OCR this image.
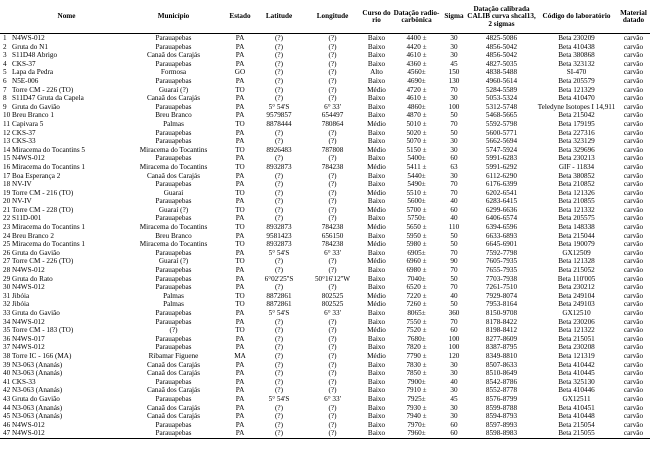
	Nome	Município	Estado	Latitude	Longitude	Curso do rio	Datação radio-carbônica	Sigma	Datação calibrada CALIB curva shcal13, 2 sigmas	Código do laboratório	Material datado
1	N4WS-012	Parauapebas	PA	(?)	(?)	Baixo	4400 ±	30	4825-5086	Beta 230209	carvão
2	Gruta do N1	Parauapebas	PA	(?)	(?)	Baixo	4420 ±	30	4856-5042	Beta 410438	carvão
3	S11D48 Abrigo	Canaã dos Carajás	PA	(?)	(?)	Baixo	4610 ±	30	4856-5042	Beta 380868	carvão
4	CKS-37	Parauapebas	PA	(?)	(?)	Baixo	4360 ±	45	4827-5035	Beta 323132	carvão
5	Lapa da Pedra	Formosa	GO	(?)	(?)	Alto	4560±	150	4838-5488	SI-470	carvão
6	N5E-006	Parauapebas	PA	(?)	(?)	Baixo	4690±	130	4960-5614	Beta 205579	carvão
7	Torre CM - 226 (TO)	Guaraí (?)	TO	(?)	(?)	Médio	4720 ±	70	5284-5589	Beta 121329	carvão
8	S11D47 Gruta da Capela	Canaã dos Carajás	PA	(?)	(?)	Baixo	4610 ±	30	5053-5324	Beta 410470	carvão
9	Gruta do Gavião	Parauapebas	PA	5° 54'S	6° 33'	Baixo	4860±	100	5312-5748	Teledyne Isotopes I 14,911	carvão
10	Breu Branco 1	Breu Branco	PA	9579857	654497	Baixo	4870 ±	50	5468-5665	Beta 215042	carvão
11	Capivara 5	Palmas	TO	8878444	780864	Médio	5010 ±	70	5592-5798	Beta 179195	carvão
12	CKS-37	Parauapebas	PA	(?)	(?)	Baixo	5020 ±	50	5600-5771	Beta 227316	carvão
13	CKS-33	Parauapebas	PA	(?)	(?)	Baixo	5070 ±	30	5662-5694	Beta 323129	carvão
14	Miracema do Tocantins 5	Miracema do Tocantins	TO	8926483	787808	Médio	5150 ±	30	5747-5924	Beta 329696	carvão
15	N4WS-012	Parauapebas	PA	(?)	(?)	Baixo	5400±	60	5991-6283	Beta 230213	carvão
16	Miracema do Tocantins 1	Miracema do Tocantins	TO	8932873	784238	Médio	5411 ±	63	5991-6292	GIF - 11834	carvão
17	Boa Esperança 2	Canaã dos Carajás	PA	(?)	(?)	Baixo	5440±	30	6112-6290	Beta 380852	carvão
18	NV-IV	Parauapebas	PA	(?)	(?)	Baixo	5490±	70	6176-6399	Beta 210852	carvão
19	Torre CM - 216 (TO)	Guaraí	TO	(?)	(?)	Médio	5510 ±	70	6202-6541	Beta 121326	carvão
20	NV-IV	Parauapebas	PA	(?)	(?)	Baixo	5600±	40	6283-6415	Beta 210855	carvão
21	Torre CM - 228 (TO)	Guaraí (?)	TO	(?)	(?)	Médio	5700 ±	60	6299-6636	Beta 121332	carvão
22	S11D-001	Parauapebas	PA	(?)	(?)	Baixo	5750±	40	6406-6574	Beta 205575	carvão
23	Miracema do Tocantins 1	Miracema do Tocantins	TO	8932873	784238	Médio	5650 ±	110	6394-6596	Beta 148338	carvão
24	Breu Branco 2	Breu Branco	PA	9581423	656150	Baixo	5950 ±	50	6633-6893	Beta 215044	carvão
25	Miracema do Tocantins 1	Miracema do Tocantins	TO	8932873	784238	Médio	5980 ±	50	6645-6901	Beta 190079	carvão
26	Gruta do Gavião	Parauapebas	PA	5° 54'S	6° 33'	Baixo	6905±	70	7592-7798	GX12509	carvão
27	Torre CM - 226 (TO)	Guaraí (?)	TO	(?)	(?)	Médio	6960 ±	90	7605-7935	Beta 121328	carvão
28	N4WS-012	Parauapebas	PA	(?)	(?)	Baixo	6980 ±	70	7655-7935	Beta 215052	carvão
29	Gruta do Rato	Parauapebas	PA	6°02'25''S	50°16'12''W	Baixo	7040±	50	7703-7938	Beta 110'005	carvão
30	N4WS-012	Parauapebas	PA	(?)	(?)	Baixo	6520 ±	70	7261-7510	Beta 230212	carvão
31	Jibóia	Palmas	TO	8872861	802525	Médio	7220 ±	40	7929-8074	Beta 249104	carvão
32	Jibóia	Palmas	TO	8872861	802525	Médio	7260 ±	50	7953-8164	Beta 249103	carvão
33	Gruta do Gavião	Parauapebas	PA	5° 54'S	6° 33'	Baixo	8065±	360	8150-9708	GX12510	carvão
34	N4WS-012	Parauapebas	PA	(?)	(?)	Baixo	7550 ±	70	8178-8422	Beta 230206	carvão
35	Torre CM - 183 (TO)	(?)	TO	(?)	(?)	Médio	7520 ±	60	8198-8412	Beta 121322	carvão
36	N4WS-017	Parauapebas	PA	(?)	(?)	Baixo	7680±	100	8277-8609	Beta 215051	carvão
37	N4WS-012	Parauapebas	PA	(?)	(?)	Baixo	7820 ±	100	8387-8795	Beta 230208	carvão
38	Torre IC - 166 (MA)	Ribamar Figuene	MA	(?)	(?)	Médio	7790 ±	120	8349-8810	Beta 121319	carvão
39	N3-063 (Ananás)	Canaã dos Carajás	PA	(?)	(?)	Baixo	7830 ±	30	8507-8633	Beta 410442	carvão
40	N3-063 (Ananás)	Canaã dos Carajás	PA	(?)	(?)	Baixo	7850 ±	30	8510-8649	Beta 410445	carvão
41	CKS-33	Parauapebas	PA	(?)	(?)	Baixo	7900±	40	8542-8786	Beta 325130	carvão
42	N3-063 (Ananás)	Canaã dos Carajás	PA	(?)	(?)	Baixo	7910 ±	30	8552-8778	Beta 410446	carvão
43	Gruta do Gavião	Parauapebas	PA	5° 54'S	6° 33'	Baixo	7925±	45	8576-8799	GX12511	carvão
44	N3-063 (Ananás)	Canaã dos Carajás	PA	(?)	(?)	Baixo	7930 ±	30	8599-8788	Beta 410451	carvão
45	N3-063 (Ananás)	Canaã dos Carajás	PA	(?)	(?)	Baixo	7940 ±	30	8594-8793	Beta 410448	carvão
46	N4WS-012	Parauapebas	PA	(?)	(?)	Baixo	7970±	60	8597-8993	Beta 215054	carvão
47	N4WS-012	Parauapebas	PA	(?)	(?)	Baixo	7960±	60	8598-8983	Beta 215055	carvão
